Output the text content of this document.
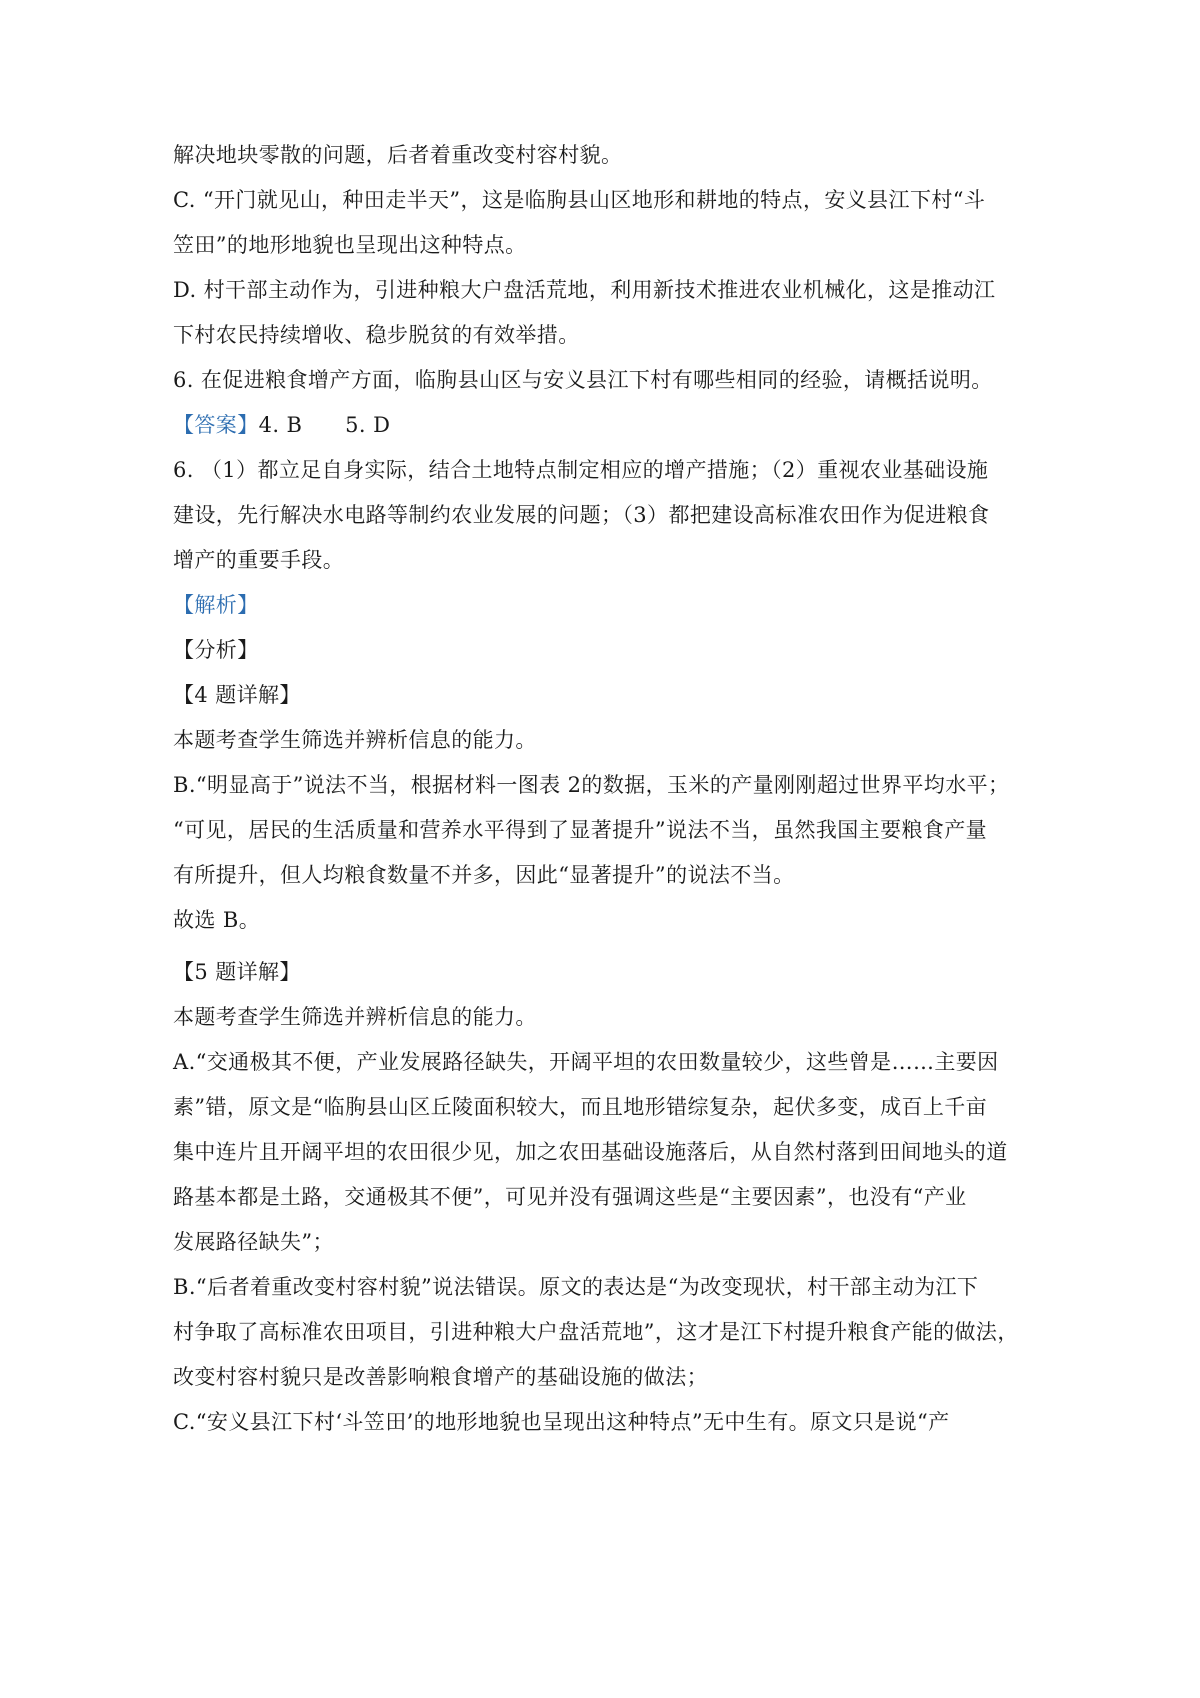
解决地块零散的问题，后者着重改变村容村貌。
C. “开门就见山，种田走半天”，这是临朐县山区地形和耕地的特点，安义县江下村“斗
笠田”的地形地貌也呈现出这种特点。
D. 村干部主动作为，引进种粮大户盘活荒地，利用新技术推进农业机械化，这是推动江
下村农民持续增收、稳步脱贫的有效举措。
6. 在促进粮食增产方面，临朐县山区与安义县江下村有哪些相同的经验，请概括说明。
【答案】4. B　　5. D
6. （1）都立足自身实际，结合土地特点制定相应的增产措施；（2）重视农业基础设施
建设，先行解决水电路等制约农业发展的问题；（3）都把建设高标准农田作为促进粮食
增产的重要手段。
【解析】
【分析】
【4 题详解】
本题考查学生筛选并辨析信息的能力。
B.“明显高于”说法不当，根据材料一图表 2的数据，玉米的产量刚刚超过世界平均水平；
“可见，居民的生活质量和营养水平得到了显著提升”说法不当，虽然我国主要粮食产量
有所提升，但人均粮食数量不并多，因此“显著提升”的说法不当。
故选 B。
【5 题详解】
本题考查学生筛选并辨析信息的能力。
A.“交通极其不便，产业发展路径缺失，开阔平坦的农田数量较少，这些曾是……主要因
素”错，原文是“临朐县山区丘陵面积较大，而且地形错综复杂，起伏多变，成百上千亩
集中连片且开阔平坦的农田很少见，加之农田基础设施落后，从自然村落到田间地头的道
路基本都是土路，交通极其不便”，可见并没有强调这些是“主要因素”，也没有“产业
发展路径缺失”；
B.“后者着重改变村容村貌”说法错误。原文的表达是“为改变现状，村干部主动为江下
村争取了高标准农田项目，引进种粮大户盘活荒地”，这才是江下村提升粮食产能的做法，
改变村容村貌只是改善影响粮食增产的基础设施的做法；
C.“安义县江下村‘斗笠田’的地形地貌也呈现出这种特点”无中生有。原文只是说“产
